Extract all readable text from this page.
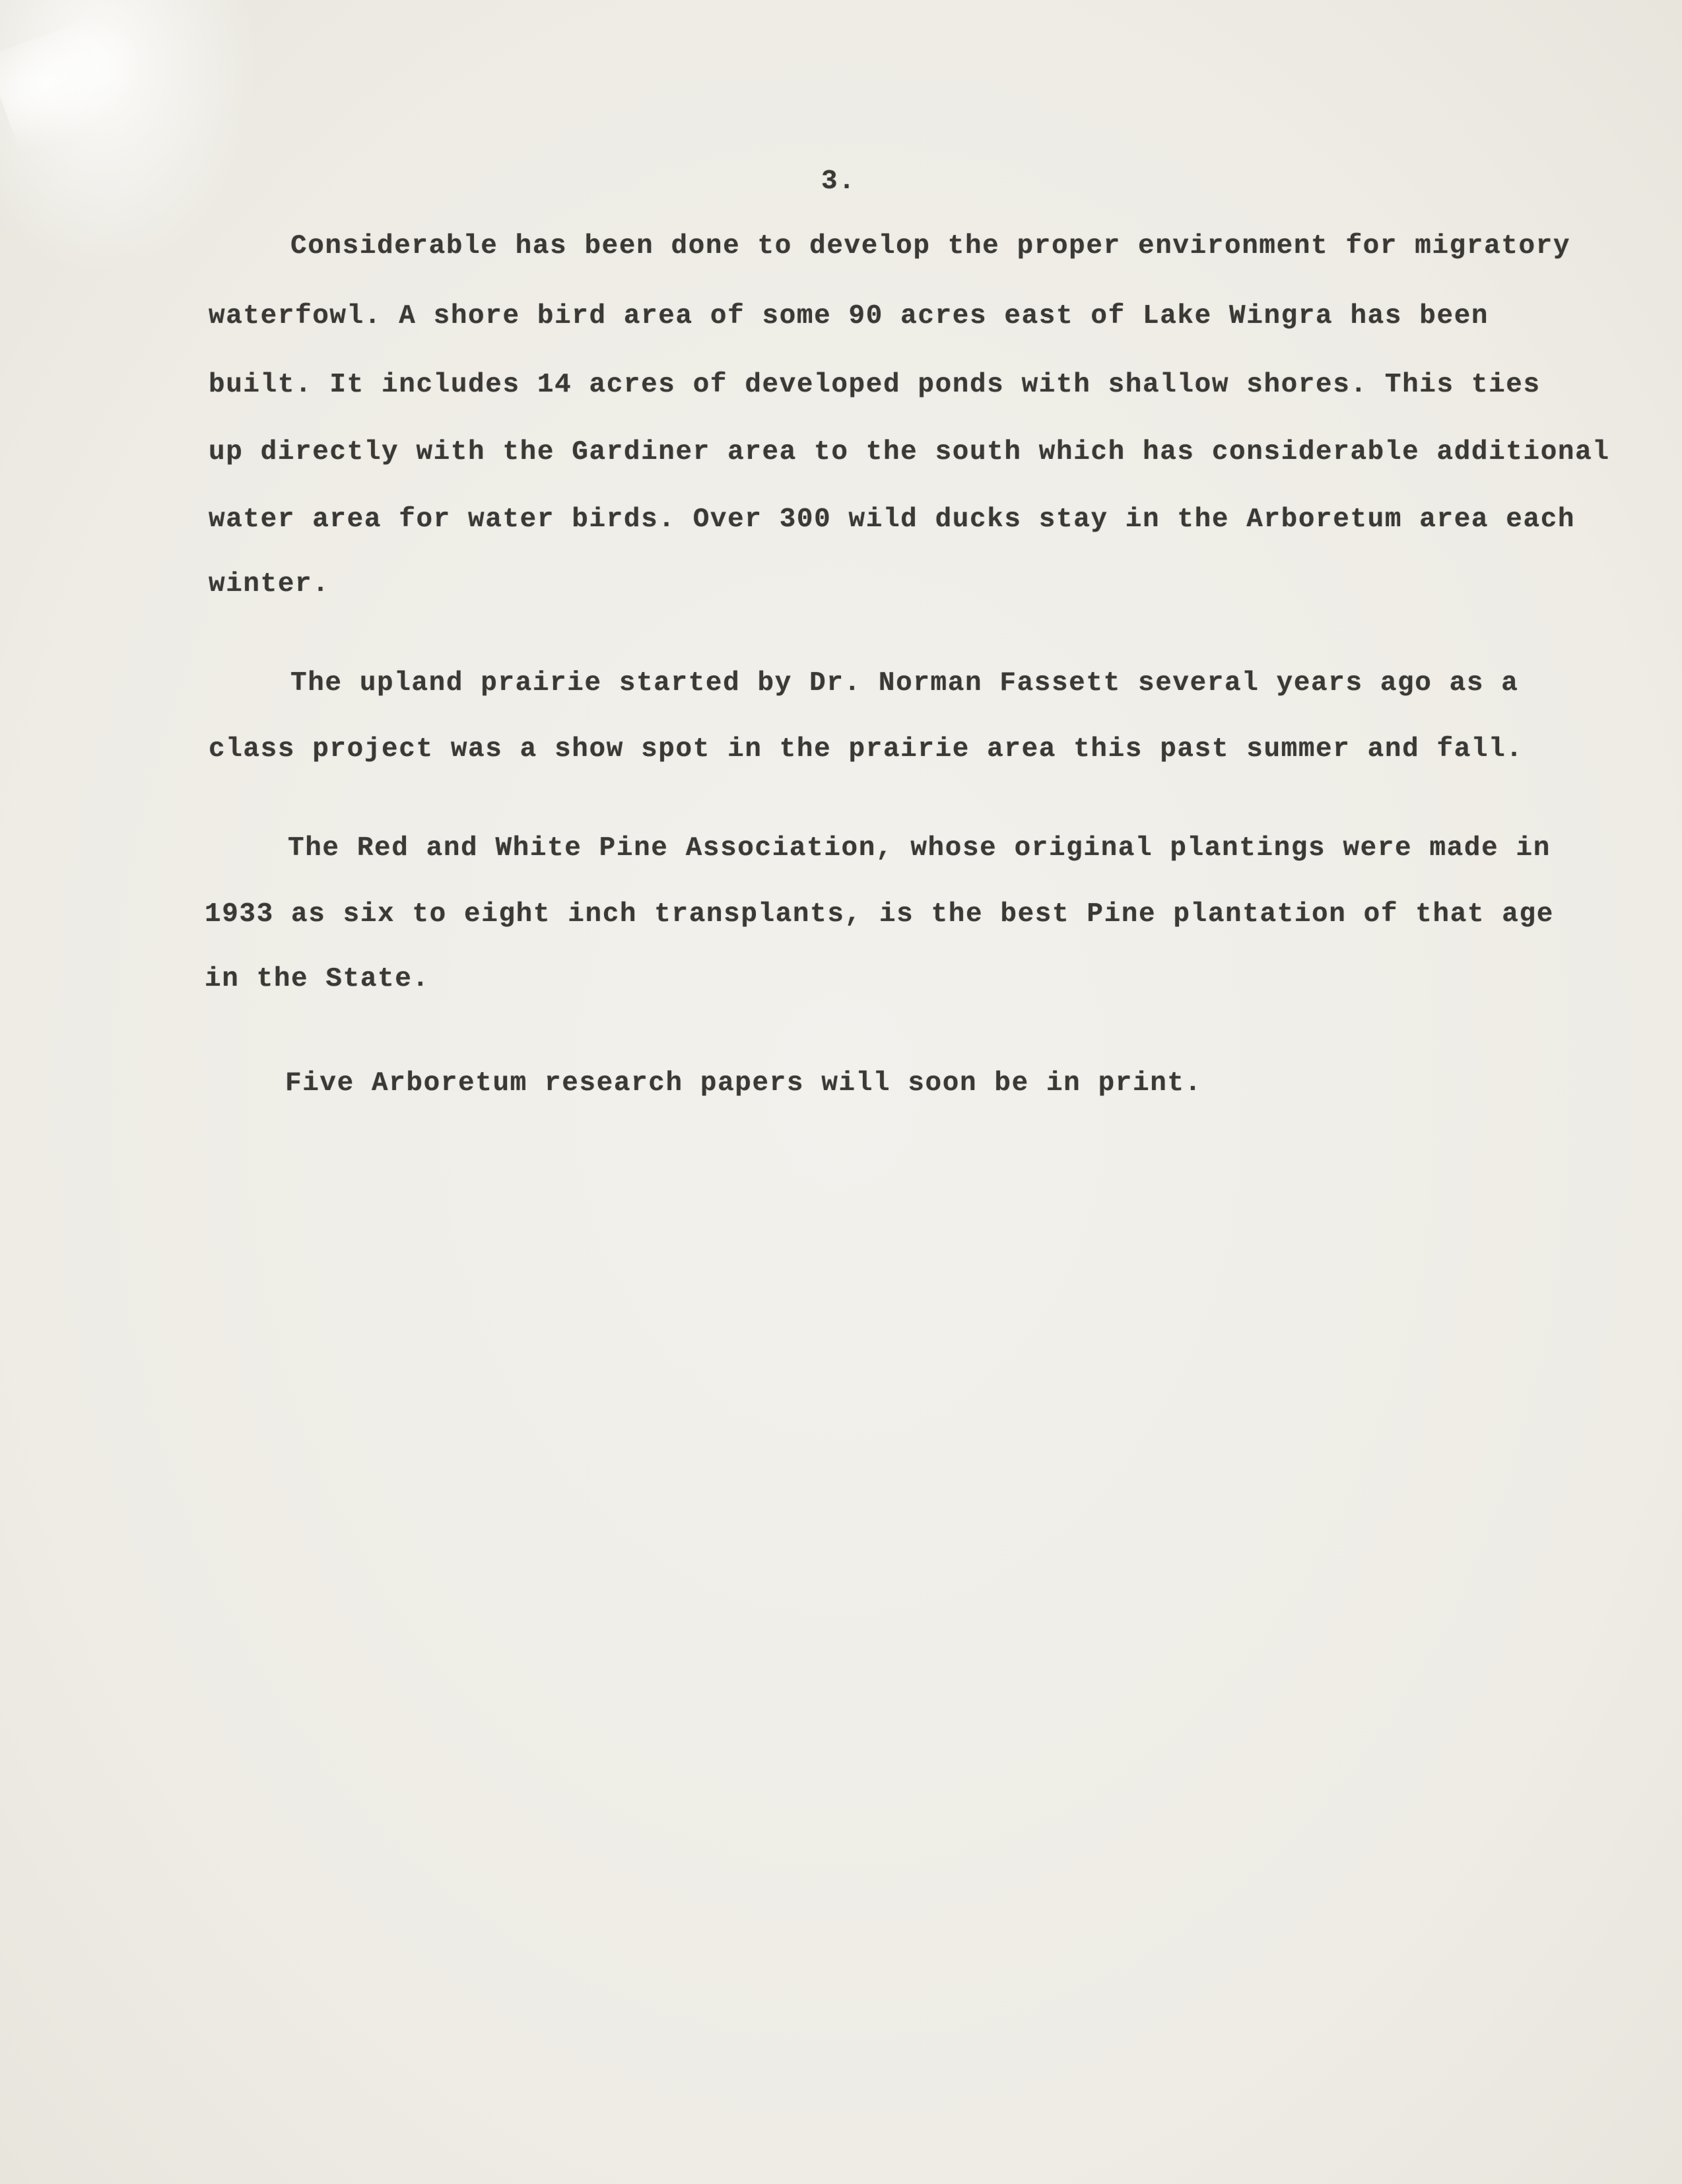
3.
Considerable has been done to develop the proper environment for migratory
waterfowl. A shore bird area of some 90 acres east of Lake Wingra has been
built. It includes 14 acres of developed ponds with shallow shores. This ties
up directly with the Gardiner area to the south which has considerable additional
water area for water birds. Over 300 wild ducks stay in the Arboretum area each
winter.
The upland prairie started by Dr. Norman Fassett several years ago as a
class project was a show spot in the prairie area this past summer and fall.
The Red and White Pine Association, whose original plantings were made in
1933 as six to eight inch transplants, is the best Pine plantation of that age
in the State.
Five Arboretum research papers will soon be in print.
